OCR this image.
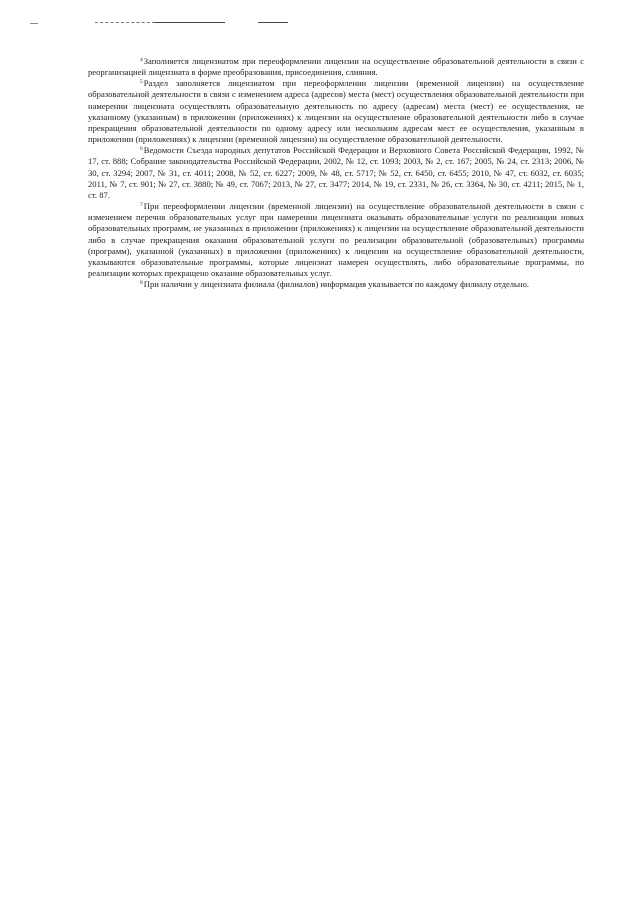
$^4$Заполняется лицензиатом при переоформлении лицензии на осуществление образовательной деятельности в связи с реорганизацией лицензиата в форме преобразования, присоединения, слияния.

$^5$Раздел заполняется лицензиатом при переоформлении лицензии (временной лицензии) на осуществление образовательной деятельности в связи с изменением адреса (адресов) места (мест) осуществления образовательной деятельности при намерении лицензиата осуществлять образовательную деятельность по адресу (адресам) места (мест) ее осуществления, не указанному (указанным) в приложении (приложениях) к лицензии на осуществление образовательной деятельности либо в случае прекращения образовательной деятельности по одному адресу или нескольким адресам мест ее осуществления, указанным в приложении (приложениях) к лицензии (временной лицензии) на осуществление образовательной деятельности.

$^6$Ведомости Съезда народных депутатов Российской Федерации и Верховного Совета Российской Федерации, 1992, № 17, ст. 888; Собрание законодательства Российской Федерации, 2002, № 12, ст. 1093; 2003, № 2, ст. 167; 2005, № 24, ст. 2313; 2006, № 30, ст. 3294; 2007, № 31, ст. 4011; 2008, № 52, ст. 6227; 2009, № 48, ст. 5717; № 52, ст. 6450, ст. 6455; 2010, № 47, ст. 6032, ст. 6035; 2011, № 7, ст. 901; № 27, ст. 3880; № 49, ст. 7067; 2013, № 27, ст. 3477; 2014, № 19, ст. 2331, № 26, ст. 3364, № 30, ст. 4211; 2015, № 1, ст. 87.

$^7$При переоформлении лицензии (временной лицензии) на осуществление образовательной деятельности в связи с изменением перечня образовательных услуг при намерении лицензиата оказывать образовательные услуги по реализации новых образовательных программ, не указанных в приложении (приложениях) к лицензии на осуществление образовательной деятельности либо в случае прекращения оказания образовательной услуги по реализации образовательной (образовательных) программы (программ), указанной (указанных) в приложении (приложениях) к лицензии на осуществление образовательной деятельности, указываются образовательные программы, которые лицензиат намерен осуществлять, либо образовательные программы, по реализации которых прекращено оказание образовательных услуг.

$^8$При наличии у лицензиата филиала (филиалов) информация указывается по каждому филиалу отдельно.
